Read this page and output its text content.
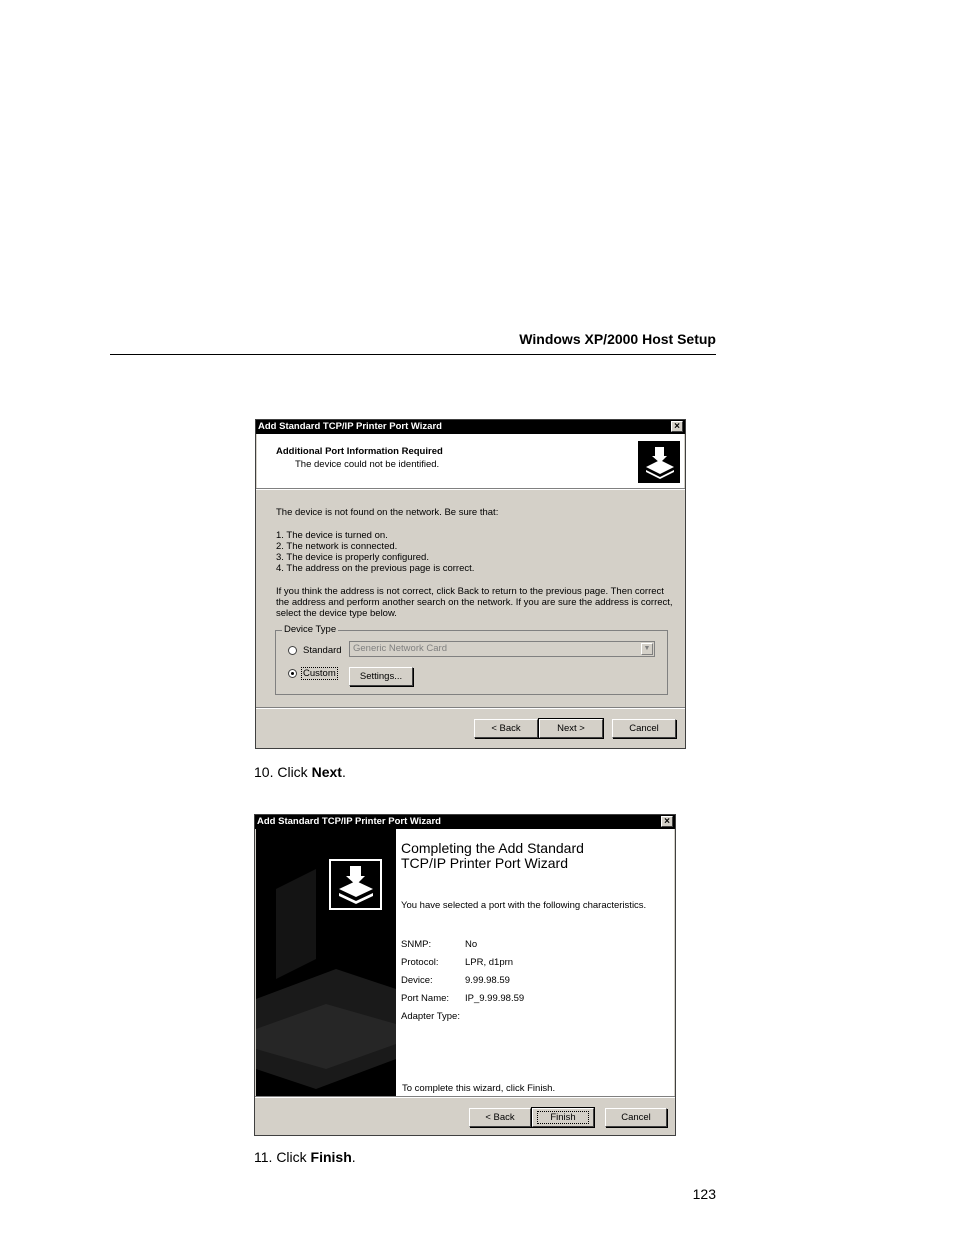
Windows XP/2000 Host Setup
Add Standard TCP/IP Printer Port Wizard	×
Additional Port Information Required
The device could not be identified.
The device is not found on the network. Be sure that:
1. The device is turned on.
2. The network is connected.
3. The device is properly configured.
4. The address on the previous page is correct.
If you think the address is not correct, click Back to return to the previous page. Then correct
the address and perform another search on the network. If you are sure the address is correct,
select the device type below.
Device Type
Standard	Generic Network Card	▼
Custom	Settings...
< Back	Next >	Cancel
10. Click Next.
Add Standard TCP/IP Printer Port Wizard	×
Completing the Add Standard
TCP/IP Printer Port Wizard
You have selected a port with the following characteristics.
SNMP:	No
Protocol:	LPR, d1prn
Device:	9.99.98.59
Port Name: IP_9.99.98.59
Adapter Type:
To complete this wizard, click Finish.
< Back	Finish	Cancel
11. Click Finish.
123
